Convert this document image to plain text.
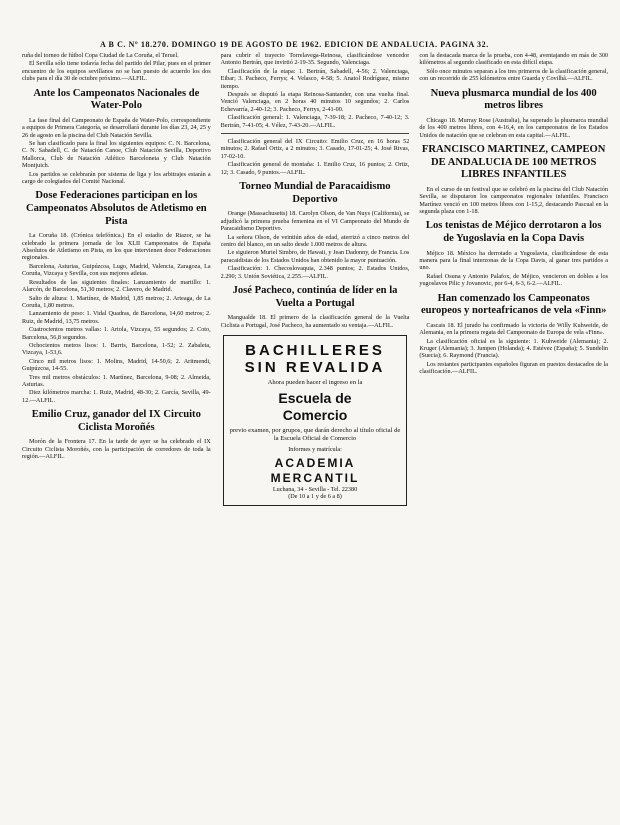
A B C. Nº 18.270. DOMINGO 19 DE AGOSTO DE 1962. EDICION DE ANDALUCIA. PAGINA 32.

ruña del torneo de fútbol Copa Ciudad de La Coruña, el Teruel.

El Sevilla sólo tiene todavía fecha del partido del Pilar, pues en el primer encuentro de los equipos sevillanos no se han puesto de acuerdo los dos clubs para el día 30 de octubre próximo.—ALFIL.

Ante los Campeonatos Nacionales de Water-Polo

La fase final del Campeonato de España de Water-Polo, correspondiente a equipos de Primera Categoría, se desarrollará durante los días 23, 24, 25 y 26 de agosto en la piscina del Club Natación Sevilla.

Se han clasificado para la final los siguientes equipos: C. N. Barcelona, C. N. Sabadell, C. de Natación Canoe, Club Natación Sevilla, Deportivo Mallorca, Club de Natación Atlético Barceloneta y Club Natación Montjuich.

Los partidos se celebrarán por sistema de liga y los arbitrajes estarán a cargo de colegiados del Comité Nacional.

Dose Federaciones participan en los Campeonatos Absolutos de Atletismo en Pista

La Coruña 18. (Crónica telefónica.) En el estadio de Riazor, se ha celebrado la primera jornada de los XLII Campeonatos de España Absolutos de Atletismo en Pista, en los que intervienen doce Federaciones regionales.

Barcelona, Asturias, Guipúzcoa, Lugo, Madrid, Valencia, Zaragoza, La Coruña, Vizcaya y Sevilla, con sus mejores atletas.

Resultados de las siguientes finales: Lanzamiento de martillo: 1. Alarcón, de Barcelona, 51,30 metros; 2. Clavero, de Madrid.

Salto de altura: 1. Martínez, de Madrid, 1,85 metros; 2. Arteaga, de La Coruña, 1,80 metros.

Lanzamiento de peso: 1. Vidal Quadras, de Barcelona, 14,60 metros; 2. Ruiz, de Madrid, 13,75 metros.

Cuatrocientos metros vallas: 1. Artola, Vizcaya, 55 segundos; 2. Coto, Barcelona, 56,8 segundos.

Ochocientos metros lisos: 1. Barris, Barcelona, 1-52; 2. Zabaleta, Vizcaya, 1-53,6.

Cinco mil metros lisos: 1. Molins, Madrid, 14-50,6; 2. Aritmendi, Guipúzcoa, 14-55.

Tres mil metros obstáculos: 1. Martínez, Barcelona, 9-08; 2. Almeida, Asturias.

Diez kilómetros marcha: 1. Ruiz, Madrid, 48-30; 2. García, Sevilla, 49-12.—ALFIL.

Emilio Cruz, ganador del IX Circuito Ciclista Moroñés

Morón de la Frontera 17. En la tarde de ayer se ha celebrado el IX Circuito Ciclista Moroñés, con la participación de corredores de toda la región.—ALFIL.

para cubrir el trayecto Torrelavega-Reinosa, clasificándose vencedor Antonio Bertrán, que invirtió 2-19-35. Segundo, Valenciaga.

Clasificación de la etapa: 1. Bertrán, Sabadell, 4-56; 2. Valenciaga, Eibar; 3. Pacheco, Ferrys; 4. Velasco, 4-58; 5. Anatol Rodríguez, mismo tiempo.

Después se disputó la etapa Reinosa-Santander, con una vuelta final. Venció Valenciaga, en 2 horas 40 minutos 10 segundos; 2. Carlos Echevarría, 2-40-12; 3. Pacheco, Ferrys, 2-41-00.

Clasificación general: 1. Valenciaga, 7-39-18; 2. Pacheco, 7-40-12; 3. Bertrán, 7-41-05; 4. Vélez, 7-43-20.—ALFIL.

Clasificación general del IX Circuito: Emilio Cruz, en 16 horas 52 minutos; 2. Rafael Ortiz, a 2 minutos; 3. Casado, 17-01-25; 4. José Rivas, 17-02-10.

Clasificación general de montaña: 1. Emilio Cruz, 16 puntos; 2. Ortiz, 12; 3. Casado, 9 puntos.—ALFIL.

Torneo Mundial de Paracaidismo Deportivo

Orange (Massachusetts) 18. Carolyn Olson, de Van Nuys (California), se adjudicó la primera prueba femenina en el VI Campeonato del Mundo de Paracaidismo Deportivo.

La señora Olson, de veintiún años de edad, aterrizó a cinco metros del centro del blanco, en un salto desde 1.000 metros de altura.

Le siguieron Muriel Simbro, de Hawaii, y Jean Dadonny, de Francia. Los paracaidistas de los Estados Unidos han obtenido la mayor puntuación.

Clasificación: 1. Checoslovaquia, 2.348 puntos; 2. Estados Unidos, 2.290; 3. Unión Soviética, 2.255.—ALFIL.

José Pacheco, continúa de líder en la Vuelta a Portugal

Mangualde 18. El primero de la clasificación general de la Vuelta Ciclista a Portugal, José Pacheco, ha aumentado su ventaja.—ALFIL.

BACHILLERES
SIN REVALIDA
Ahora pueden hacer el ingreso en la
Escuela de
Comercio
previo examen, por grupos, que darán derecho al título oficial de la Escuela Oficial de Comercio
Informes y matrícula:
ACADEMIA MERCANTIL
Luchana, 34 - Sevilla - Tel. 22380
(De 10 a 1 y de 6 a 8)

con la destacada marca de la prueba, con 4-48, aventajando en más de 300 kilómetros al segundo clasificado en esta difícil etapa.

Sólo once minutos separan a los tres primeros de la clasificación general, con un recorrido de 255 kilómetros entre Guarda y Covilhã.—ALFIL.

Nueva plusmarca mundial de los 400 metros libres

Chicago 18. Murray Rose (Australia), ha superado la plusmarca mundial de los 400 metros libres, con 4-16,4, en los campeonatos de los Estados Unidos de natación que se celebran en esta capital.—ALFIL.

FRANCISCO MARTINEZ, CAMPEON DE ANDALUCIA DE 100 METROS LIBRES INFANTILES

En el curso de un festival que se celebró en la piscina del Club Natación Sevilla, se disputaron los campeonatos regionales infantiles. Francisco Martínez venció en 100 metros libres con 1-15,2, destacando Pascual en la segunda plaza con 1-18.

Los tenistas de Méjico derrotaron a los de Yugoslavia en la Copa Davis

Méjico 18. México ha derrotado a Yugoslavia, clasificándose de esta manera para la final interzonas de la Copa Davis, al ganar tres partidos a uno.

Rafael Osuna y Antonio Palafox, de Méjico, vencieron en dobles a los yugoslavos Pilic y Jovanovic, por 6-4, 6-3, 6-2.—ALFIL.

Han comenzado los Campeonatos europeos y norteafricanos de vela «Finn»

Cascais 18. El jurado ha confirmado la victoria de Willy Kuhweide, de Alemania, en la primera regata del Campeonato de Europa de vela «Finn».

La clasificación oficial es la siguiente: 1. Kuhweide (Alemania); 2. Kruger (Alemania); 3. Jumpen (Holanda); 4. Estévez (España); 5. Sundelin (Suecia); 6. Raymond (Francia).

Los restantes participantes españoles figuran en puestos destacados de la clasificación.—ALFIL.
